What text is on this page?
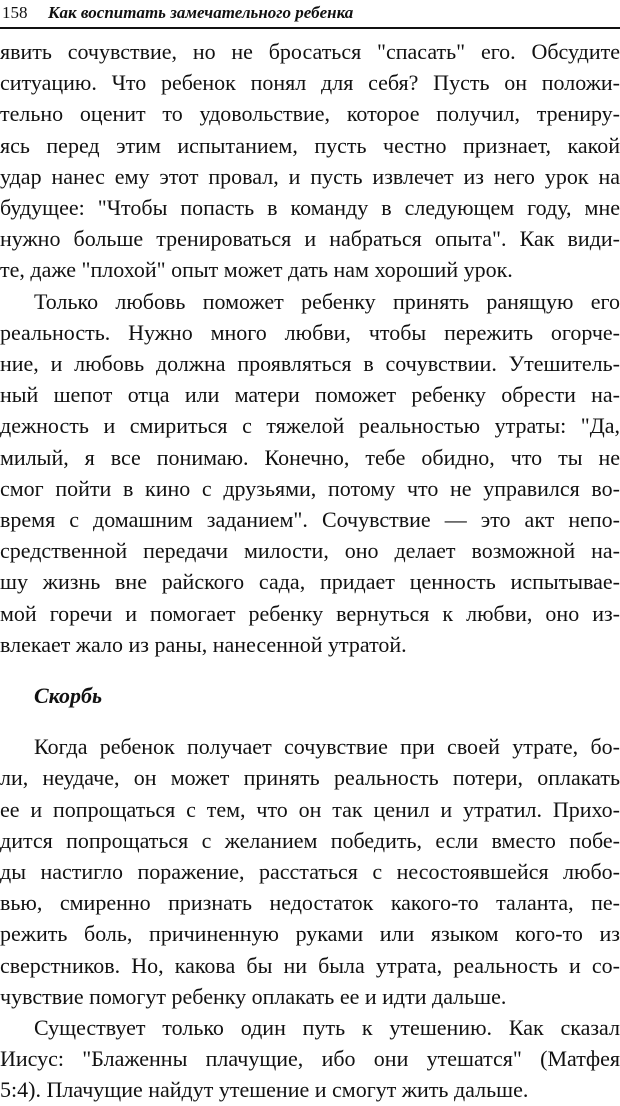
158 Как воспитать замечательного ребенка
явить сочувствие, но не бросаться "спасать" его. Обсудите
ситуацию. Что ребенок понял для себя? Пусть он положи-
тельно оценит то удовольствие, которое получил, трениру-
ясь перед этим испытанием, пусть честно признает, какой
удар нанес ему этот провал, и пусть извлечет из него урок на
будущее: "Чтобы попасть в команду в следующем году, мне
нужно больше тренироваться и набраться опыта". Как види-
те, даже "плохой" опыт может дать нам хороший урок.
Только любовь поможет ребенку принять ранящую его
реальность. Нужно много любви, чтобы пережить огорче-
ние, и любовь должна проявляться в сочувствии. Утешитель-
ный шепот отца или матери поможет ребенку обрести на-
дежность и смириться с тяжелой реальностью утраты: "Да,
милый, я все понимаю. Конечно, тебе обидно, что ты не
смог пойти в кино с друзьями, потому что не управился во-
время с домашним заданием". Сочувствие — это акт непо-
средственной передачи милости, оно делает возможной на-
шу жизнь вне райского сада, придает ценность испытывае-
мой горечи и помогает ребенку вернуться к любви, оно из-
влекает жало из раны, нанесенной утратой.
Скорбь
Когда ребенок получает сочувствие при своей утрате, бо-
ли, неудаче, он может принять реальность потери, оплакать
ее и попрощаться с тем, что он так ценил и утратил. Прихо-
дится попрощаться с желанием победить, если вместо побе-
ды настигло поражение, расстаться с несостоявшейся любо-
вью, смиренно признать недостаток какого-то таланта, пе-
режить боль, причиненную руками или языком кого-то из
сверстников. Но, какова бы ни была утрата, реальность и со-
чувствие помогут ребенку оплакать ее и идти дальше.
Существует только один путь к утешению. Как сказал
Иисус: "Блаженны плачущие, ибо они утешатся" (Матфея
5:4). Плачущие найдут утешение и смогут жить дальше.
